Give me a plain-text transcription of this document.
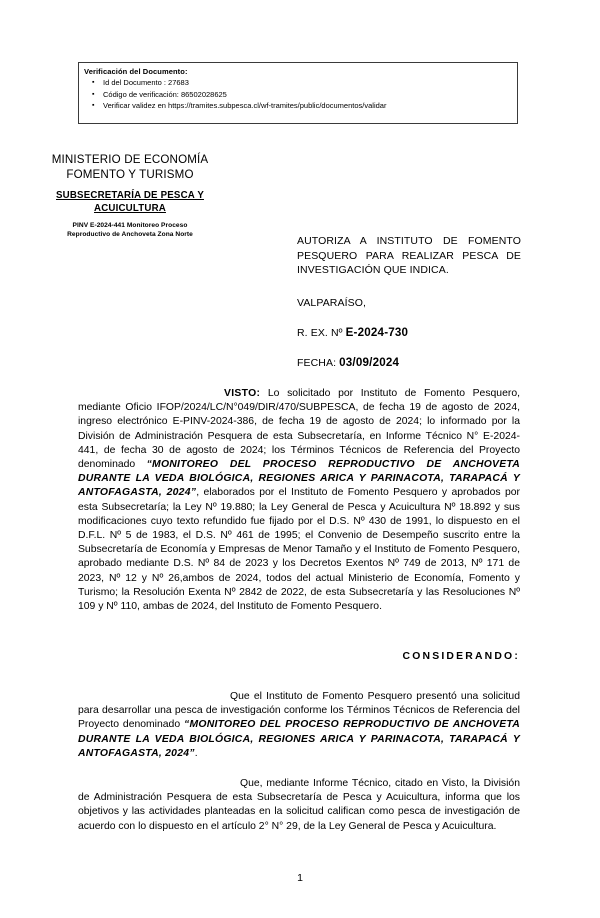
Verificación del Documento:
▪ Id del Documento : 27683
▪ Código de verificación: 86502028625
▪ Verificar validez en https://tramites.subpesca.cl/wf-tramites/public/documentos/validar
MINISTERIO DE ECONOMÍA
FOMENTO Y TURISMO
SUBSECRETARÍA DE PESCA Y
ACUICULTURA
PINV E-2024-441 Monitoreo Proceso
Reproductivo de Anchoveta Zona Norte
AUTORIZA A INSTITUTO DE FOMENTO PESQUERO PARA REALIZAR PESCA DE INVESTIGACIÓN QUE INDICA.
VALPARAÍSO,
R. EX. Nº E-2024-730
FECHA: 03/09/2024
VISTO: Lo solicitado por Instituto de Fomento Pesquero, mediante Oficio IFOP/2024/LC/N°049/DIR/470/SUBPESCA, de fecha 19 de agosto de 2024, ingreso electrónico E-PINV-2024-386, de fecha 19 de agosto de 2024; lo informado por la División de Administración Pesquera de esta Subsecretaría, en Informe Técnico N° E-2024-441, de fecha 30 de agosto de 2024; los Términos Técnicos de Referencia del Proyecto denominado “MONITOREO DEL PROCESO REPRODUCTIVO DE ANCHOVETA DURANTE LA VEDA BIOLÓGICA, REGIONES ARICA Y PARINACOTA, TARAPACÁ Y ANTOFAGASTA, 2024”, elaborados por el Instituto de Fomento Pesquero y aprobados por esta Subsecretaría; la Ley Nº 19.880; la Ley General de Pesca y Acuicultura Nº 18.892 y sus modificaciones cuyo texto refundido fue fijado por el D.S. Nº 430 de 1991, lo dispuesto en el D.F.L. Nº 5 de 1983, el D.S. Nº 461 de 1995; el Convenio de Desempeño suscrito entre la Subsecretaría de Economía y Empresas de Menor Tamaño y el Instituto de Fomento Pesquero, aprobado mediante D.S. Nº 84 de 2023 y los Decretos Exentos Nº 749 de 2013, Nº 171 de 2023, Nº 12 y Nº 26,ambos de 2024, todos del actual Ministerio de Economía, Fomento y Turismo; la Resolución Exenta Nº 2842 de 2022, de esta Subsecretaría y las Resoluciones Nº 109 y Nº 110, ambas de 2024, del Instituto de Fomento Pesquero.
CONSIDERANDO:
Que el Instituto de Fomento Pesquero presentó una solicitud para desarrollar una pesca de investigación conforme los Términos Técnicos de Referencia del Proyecto denominado “MONITOREO DEL PROCESO REPRODUCTIVO DE ANCHOVETA DURANTE LA VEDA BIOLÓGICA, REGIONES ARICA Y PARINACOTA, TARAPACÁ Y ANTOFAGASTA, 2024”.
Que, mediante Informe Técnico, citado en Visto, la División de Administración Pesquera de esta Subsecretaría de Pesca y Acuicultura, informa que los objetivos y las actividades planteadas en la solicitud califican como pesca de investigación de acuerdo con lo dispuesto en el artículo 2° N° 29, de la Ley General de Pesca y Acuicultura.
1
